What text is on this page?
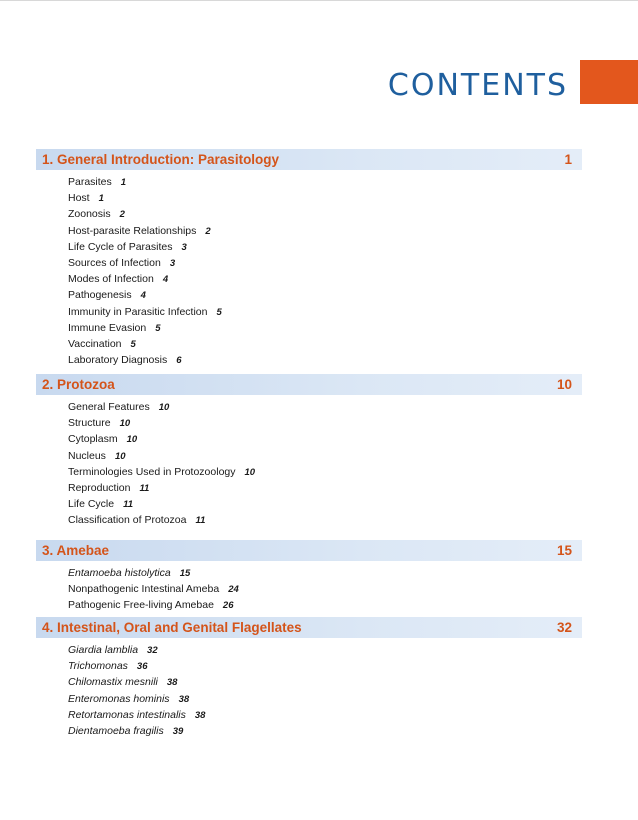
CONTENTS
1. General Introduction: Parasitology	1
Parasites 1
Host 1
Zoonosis 2
Host-parasite Relationships 2
Life Cycle of Parasites 3
Sources of Infection 3
Modes of Infection 4
Pathogenesis 4
Immunity in Parasitic Infection 5
Immune Evasion 5
Vaccination 5
Laboratory Diagnosis 6
2. Protozoa	10
General Features 10
Structure 10
Cytoplasm 10
Nucleus 10
Terminologies Used in Protozoology 10
Reproduction 11
Life Cycle 11
Classification of Protozoa 11
3. Amebae	15
Entamoeba histolytica 15
Nonpathogenic Intestinal Ameba 24
Pathogenic Free-living Amebae 26
4. Intestinal, Oral and Genital Flagellates	32
Giardia lamblia 32
Trichomonas 36
Chilomastix mesnili 38
Enteromonas hominis 38
Retortamonas intestinalis 38
Dientamoeba fragilis 39
